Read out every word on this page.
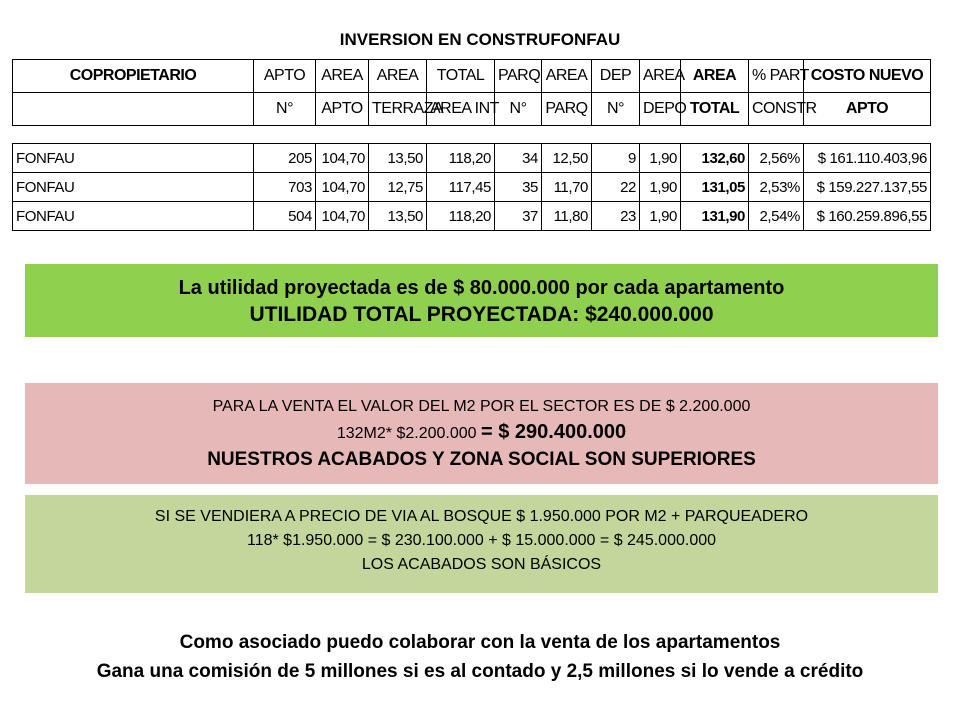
INVERSION EN CONSTRUFONFAU
COPROPIETARIO	APTO	AREA	AREA	TOTAL	PARQ	AREA	DEP	AREA	AREA	% PART	COSTO NUEVO
	N°	APTO	TERRAZA	AREA INT	N°	PARQ	N°	DEPO	TOTAL	CONSTR	APTO
FONFAU	205	104,70	13,50	118,20	34	12,50	9	1,90	132,60	2,56%	$ 161.110.403,96
FONFAU	703	104,70	12,75	117,45	35	11,70	22	1,90	131,05	2,53%	$ 159.227.137,55
FONFAU	504	104,70	13,50	118,20	37	11,80	23	1,90	131,90	2,54%	$ 160.259.896,55
La utilidad proyectada es de $ 80.000.000 por cada apartamento
UTILIDAD TOTAL PROYECTADA: $240.000.000
PARA LA VENTA EL VALOR DEL M2 POR EL SECTOR ES DE $ 2.200.000
132M2* $2.200.000 = $ 290.400.000
NUESTROS ACABADOS Y ZONA SOCIAL SON SUPERIORES
SI SE VENDIERA A PRECIO DE VIA AL BOSQUE $ 1.950.000 POR M2 + PARQUEADERO
118* $1.950.000 = $ 230.100.000 + $ 15.000.000 = $ 245.000.000
LOS ACABADOS SON BÁSICOS
Como asociado puedo colaborar con la venta de los apartamentos
Gana una comisión de 5 millones si es al contado y 2,5 millones si lo vende a crédito
